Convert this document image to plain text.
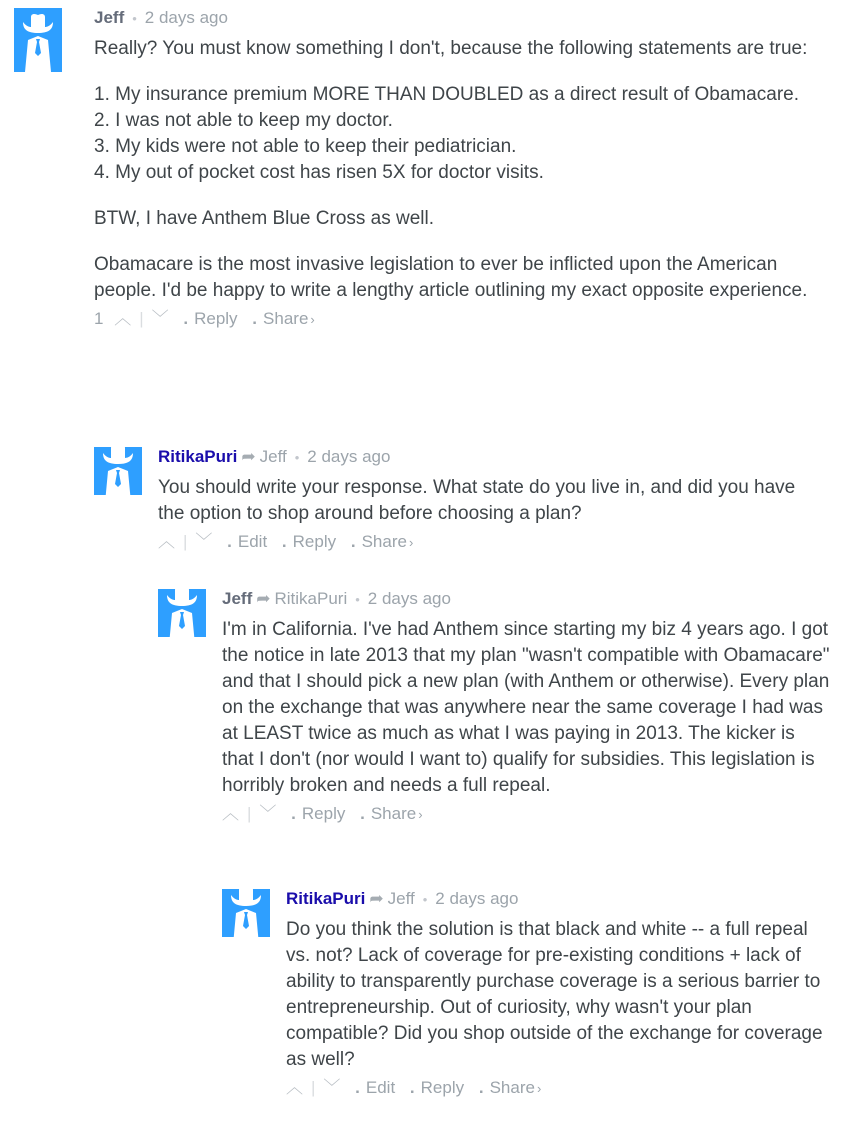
Jeff • 2 days ago

Really? You must know something I don't, because the following statements are true:

1. My insurance premium MORE THAN DOUBLED as a direct result of Obamacare.
2. I was not able to keep my doctor.
3. My kids were not able to keep their pediatrician.
4. My out of pocket cost has risen 5X for doctor visits.

BTW, I have Anthem Blue Cross as well.

Obamacare is the most invasive legislation to ever be inflicted upon the American people. I'd be happy to write a lengthy article outlining my exact opposite experience.

1 ︿ | ﹀ . Reply . Share›
RitikaPuri ➦ Jeff • 2 days ago

You should write your response. What state do you live in, and did you have the option to shop around before choosing a plan?

︿ | ﹀ . Edit . Reply . Share›
Jeff ➦ RitikaPuri • 2 days ago

I'm in California. I've had Anthem since starting my biz 4 years ago. I got the notice in late 2013 that my plan "wasn't compatible with Obamacare" and that I should pick a new plan (with Anthem or otherwise). Every plan on the exchange that was anywhere near the same coverage I had was at LEAST twice as much as what I was paying in 2013. The kicker is that I don't (nor would I want to) qualify for subsidies. This legislation is horribly broken and needs a full repeal.

︿ | ﹀ . Reply . Share›
RitikaPuri ➦ Jeff • 2 days ago

Do you think the solution is that black and white -- a full repeal vs. not? Lack of coverage for pre-existing conditions + lack of ability to transparently purchase coverage is a serious barrier to entrepreneurship. Out of curiosity, why wasn't your plan compatible? Did you shop outside of the exchange for coverage as well?

︿ | ﹀ . Edit . Reply . Share›
